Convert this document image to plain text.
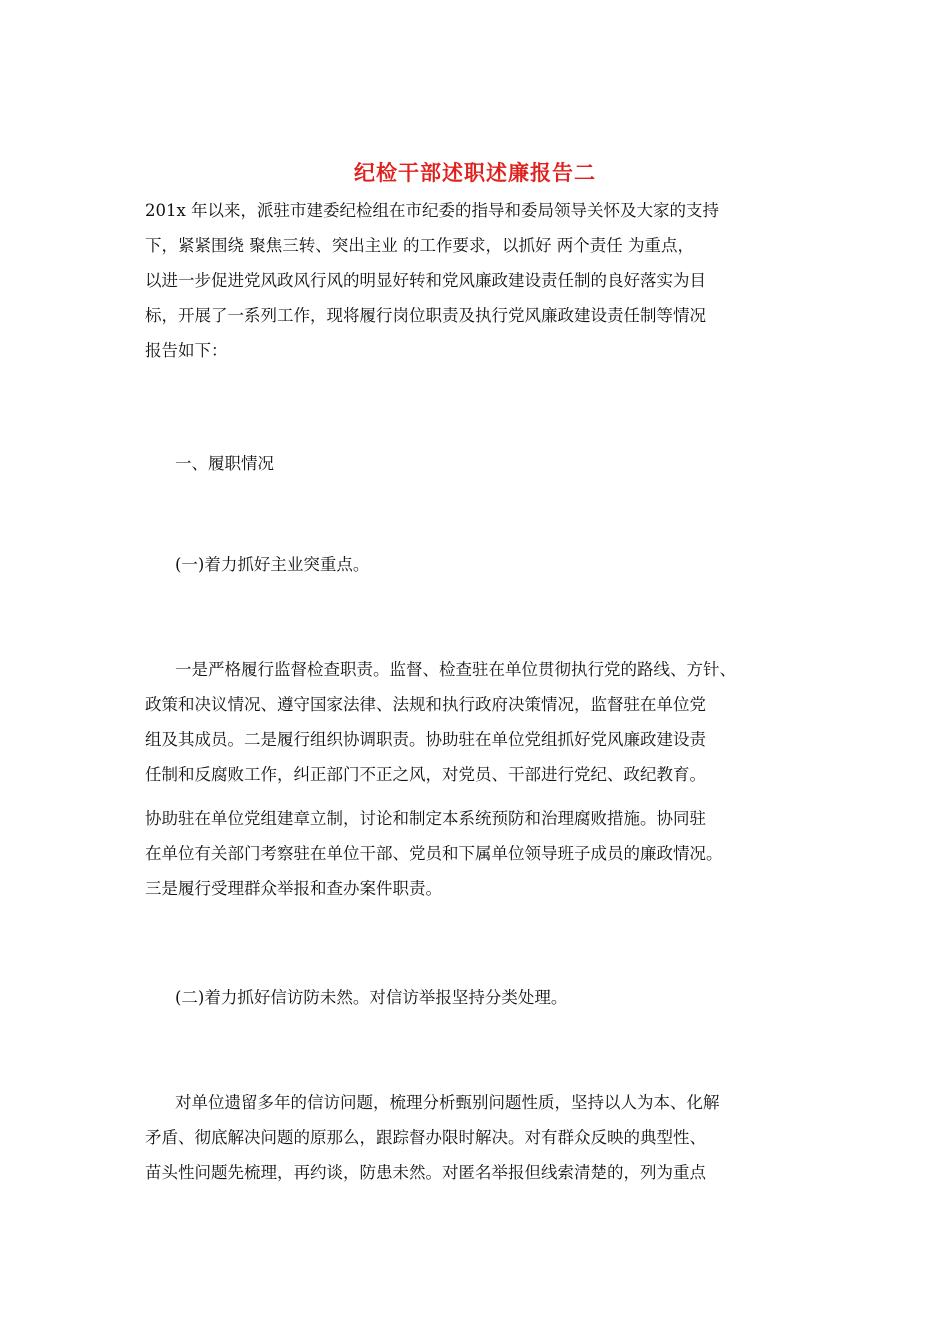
纪检干部述职述廉报告二
201x 年以来，派驻市建委纪检组在市纪委的指导和委局领导关怀及大家的支持
下，紧紧围绕 聚焦三转、突出主业 的工作要求，以抓好 两个责任 为重点，
以进一步促进党风政风行风的明显好转和党风廉政建设责任制的良好落实为目
标，开展了一系列工作，现将履行岗位职责及执行党风廉政建设责任制等情况
报告如下：
一、履职情况
(一)着力抓好主业突重点。
一是严格履行监督检查职责。监督、检查驻在单位贯彻执行党的路线、方针、
政策和决议情况、遵守国家法律、法规和执行政府决策情况，监督驻在单位党
组及其成员。二是履行组织协调职责。协助驻在单位党组抓好党风廉政建设责
任制和反腐败工作，纠正部门不正之风，对党员、干部进行党纪、政纪教育。
协助驻在单位党组建章立制，讨论和制定本系统预防和治理腐败措施。协同驻
在单位有关部门考察驻在单位干部、党员和下属单位领导班子成员的廉政情况。
三是履行受理群众举报和查办案件职责。
(二)着力抓好信访防未然。对信访举报坚持分类处理。
对单位遗留多年的信访问题，梳理分析甄别问题性质，坚持以人为本、化解
矛盾、彻底解决问题的原那么，跟踪督办限时解决。对有群众反映的典型性、
苗头性问题先梳理，再约谈，防患未然。对匿名举报但线索清楚的，列为重点
